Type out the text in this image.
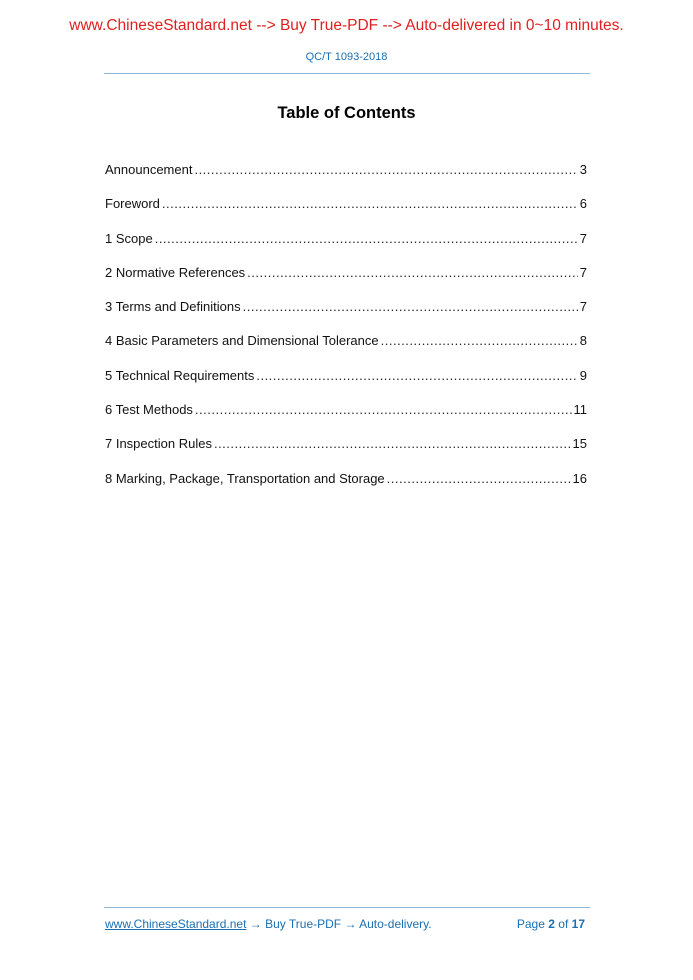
www.ChineseStandard.net --> Buy True-PDF --> Auto-delivered in 0~10 minutes.
QC/T 1093-2018
Table of Contents
Announcement .....	3
Foreword .....	6
1 Scope .....	7
2 Normative References .....	7
3 Terms and Definitions .....	7
4 Basic Parameters and Dimensional Tolerance .....	8
5 Technical Requirements .....	9
6 Test Methods .....	11
7 Inspection Rules .....	15
8 Marking, Package, Transportation and Storage .....	16
www.ChineseStandard.net → Buy True-PDF → Auto-delivery.	Page 2 of 17
